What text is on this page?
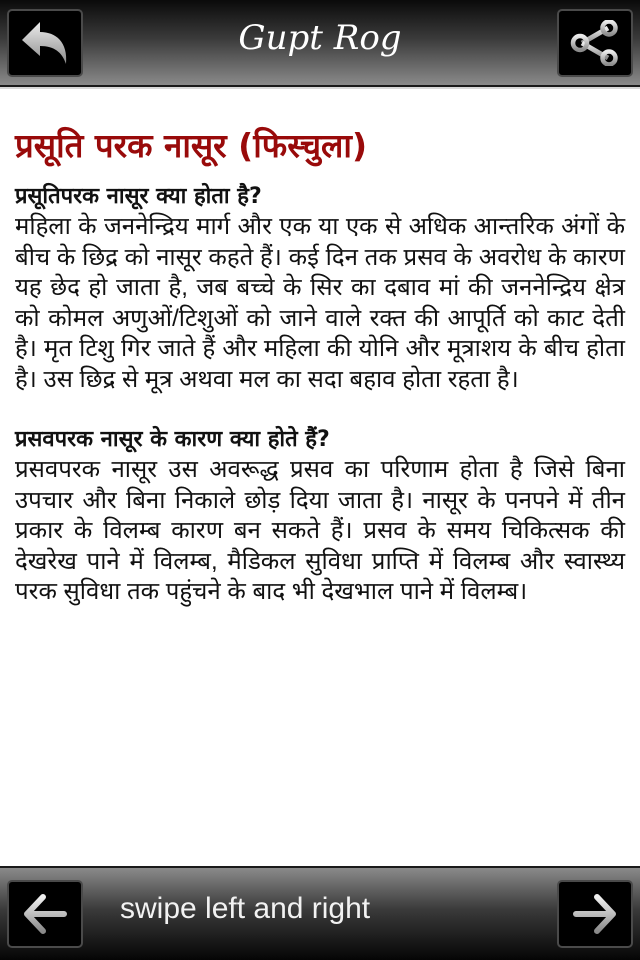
Gupt Rog
प्रसूति परक नासूर (फिस्चुला)
प्रसूतिपरक नासूर क्या होता है?

महिला के जननेन्द्रिय मार्ग और एक या एक से अधिक आन्तरिक अंगों के बीच के छिद्र को नासूर कहते हैं। कई दिन तक प्रसव के अवरोध के कारण यह छेद हो जाता है, जब बच्चे के सिर का दबाव मां की जननेन्द्रिय क्षेत्र को कोमल अणुओं/टिशुओं को जाने वाले रक्त की आपूर्ति को काट देती है। मृत टिशु गिर जाते हैं और महिला की योनि और मूत्राशय के बीच होता है। उस छिद्र से मूत्र अथवा मल का सदा बहाव होता रहता है।

प्रसवपरक नासूर के कारण क्या होते हैं?

प्रसवपरक नासूर उस अवरूद्ध प्रसव का परिणाम होता है जिसे बिना उपचार और बिना निकाले छोड़ दिया जाता है। नासूर के पनपने में तीन प्रकार के विलम्ब कारण बन सकते हैं। प्रसव के समय चिकित्सक की देखरेख पाने में विलम्ब, मैडिकल सुविधा प्राप्ति में विलम्ब और स्वास्थ्य परक सुविधा तक पहुंचने के बाद भी देखभाल पाने में विलम्ब।

swipe left and right
